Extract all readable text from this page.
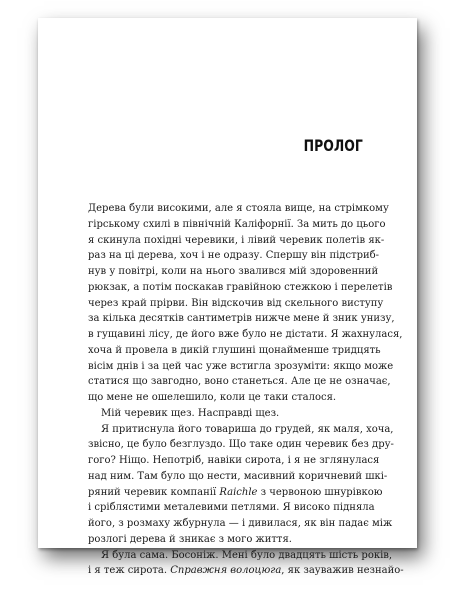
ПРОЛОГ
Дерева були високими, але я стояла вище, на стрімкому
гірському схилі в північній Каліфорнії. За мить до цього
я скинула похідні черевики, і лівий черевик полетів як-
раз на ці дерева, хоч і не одразу. Спершу він підстриб-
нув у повітрі, коли на нього звалився мій здоровенний
рюкзак, а потім поскакав гравійною стежкою і перелетів
через край прірви. Він відскочив від скельного виступу
за кілька десятків сантиметрів нижче мене й зник унизу,
в гущавині лісу, де його вже було не дістати. Я жахнулася,
хоча й провела в дикій глушині щонайменше тридцять
вісім днів і за цей час уже встигла зрозуміти: якщо може
статися що завгодно, воно станеться. Але це не означає,
що мене не ошелешило, коли це таки сталося.
Мій черевик щез. Насправді щез.
Я притиснула його товариша до грудей, як маля, хоча,
звісно, це було безглуздо. Що таке один черевик без дру-
гого? Ніщо. Непотріб, навіки сирота, і я не зглянулася
над ним. Там було що нести, масивний коричневий шкі-
ряний черевик компанії Raichle з червоною шнурівкою
і сріблястими металевими петлями. Я високо підняла
його, з розмаху жбурнула — і дивилася, як він падає між
розлогі дерева й зникає з мого життя.
Я була сама. Босоніж. Мені було двадцять шість років,
і я теж сирота. Справжня волоцюга, як зауважив незнайо-
